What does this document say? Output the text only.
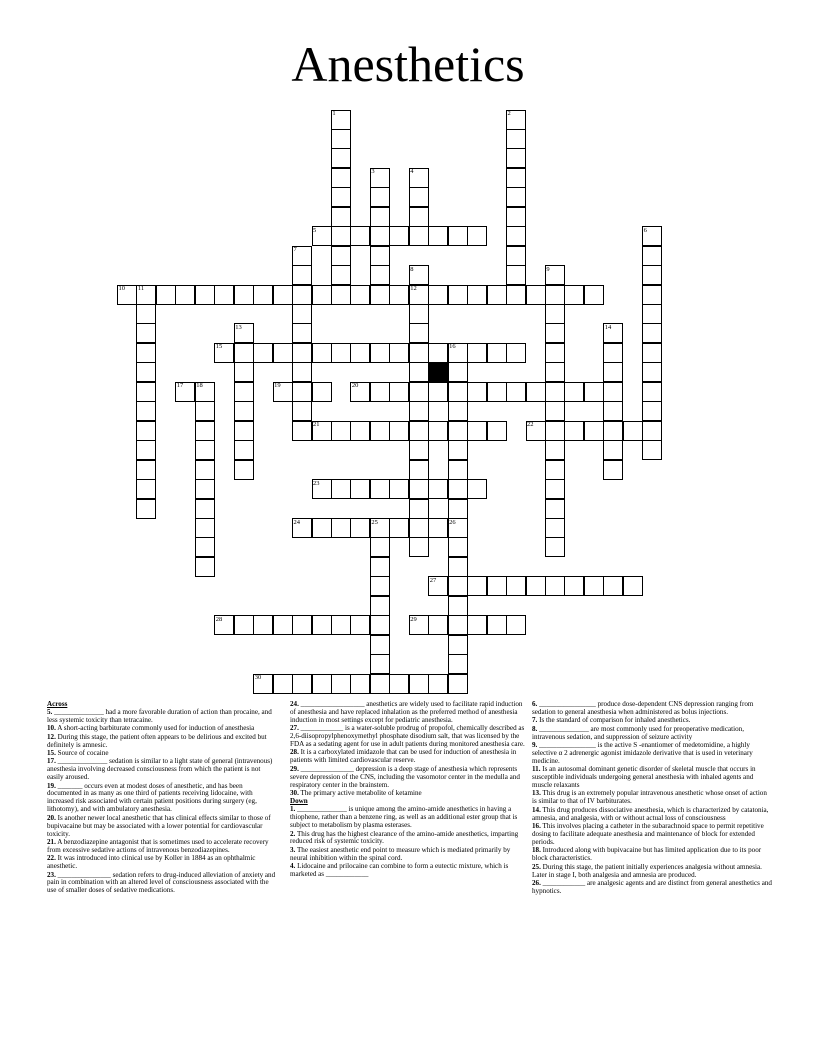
Anesthetics
5
10 11	12
15	16
17 18	19	20
21	22
23
24	25	26
27
28	29
30
1	2
3	4
6
7
8	9
13	14

Across

5. ______________ had a more favorable duration of action than procaine, and less systemic toxicity than tetracaine.

10. A short-acting barbiturate commonly used for induction of anesthesia

12. During this stage, the patient often appears to be delirious and excited but definitely is amnesic.

15. Source of cocaine

17. ______________ sedation is similar to a light state of general (intravenous) anesthesia involving decreased consciousness from which the patient is not easily aroused.

19. _______ occurs even at modest doses of anesthetic, and has been documented in as many as one third of patients receiving lidocaine, with increased risk associated with certain patient positions during surgery (eg, lithotomy), and with ambulatory anesthesia.

20. Is another newer local anesthetic that has clinical effects similar to those of bupivacaine but may be associated with a lower potential for cardiovascular toxicity.

21. A benzodiazepine antagonist that is sometimes used to accelerate recovery from excessive sedative actions of intravenous benzodiazepines.

22. It was introduced into clinical use by Koller in 1884 as an ophthalmic anesthetic.

23. _______________ sedation refers to drug-induced alleviation of anxiety and pain in combination with an altered level of consciousness associated with the use of smaller doses of sedative medications.

24. __________________ anesthetics are widely used to facilitate rapid induction of anesthesia and have replaced inhalation as the preferred method of anesthesia induction in most settings except for pediatric anesthesia.

27. ____________ is a water-soluble prodrug of propofol, chemically described as 2,6-diisopropylphenoxymethyl phosphate disodium salt, that was licensed by the FDA as a sedating agent for use in adult patients during monitored anesthesia care.

28. It is a carboxylated imidazole that can be used for induction of anesthesia in patients with limited cardiovascular reserve.

29. _______________ depression is a deep stage of anesthesia which represents severe depression of the CNS, including the vasomotor center in the medulla and respiratory center in the brainstem.

30. The primary active metabolite of ketamine

Down

1. ______________ is unique among the amino-amide anesthetics in having a thiophene, rather than a benzene ring, as well as an additional ester group that is subject to metabolism by plasma esterases.

2. This drug has the highest clearance of the amino-amide anesthetics, imparting reduced risk of systemic toxicity.

3. The easiest anesthetic end point to measure which is mediated primarily by neural inhibition within the spinal cord.

4. Lidocaine and prilocaine can combine to form a eutectic mixture, which is marketed as ____________

6. ________________ produce dose-dependent CNS depression ranging from sedation to general anesthesia when administered as bolus injections.

7. Is the standard of comparison for inhaled anesthetics.

8. ______________ are most commonly used for preoperative medication, intravenous sedation, and suppression of seizure activity

9. ________________ is the active S -enantiomer of medetomidine, a highly selective α 2 adrenergic agonist imidazole derivative that is used in veterinary medicine.

11. Is an autosomal dominant genetic disorder of skeletal muscle that occurs in susceptible individuals undergoing general anesthesia with inhaled agents and muscle relaxants

13. This drug is an extremely popular intravenous anesthetic whose onset of action is similar to that of IV barbiturates.

14. This drug produces dissociative anesthesia, which is characterized by catatonia, amnesia, and analgesia, with or without actual loss of consciousness

16. This involves placing a catheter in the subarachnoid space to permit repetitive dosing to facilitate adequate anesthesia and maintenance of block for extended periods.

18. Introduced along with bupivacaine but has limited application due to its poor block characteristics.

25. During this stage, the patient initially experiences analgesia without amnesia. Later in stage I, both analgesia and amnesia are produced.

26. ____________ are analgesic agents and are distinct from general anesthetics and hypnotics.
